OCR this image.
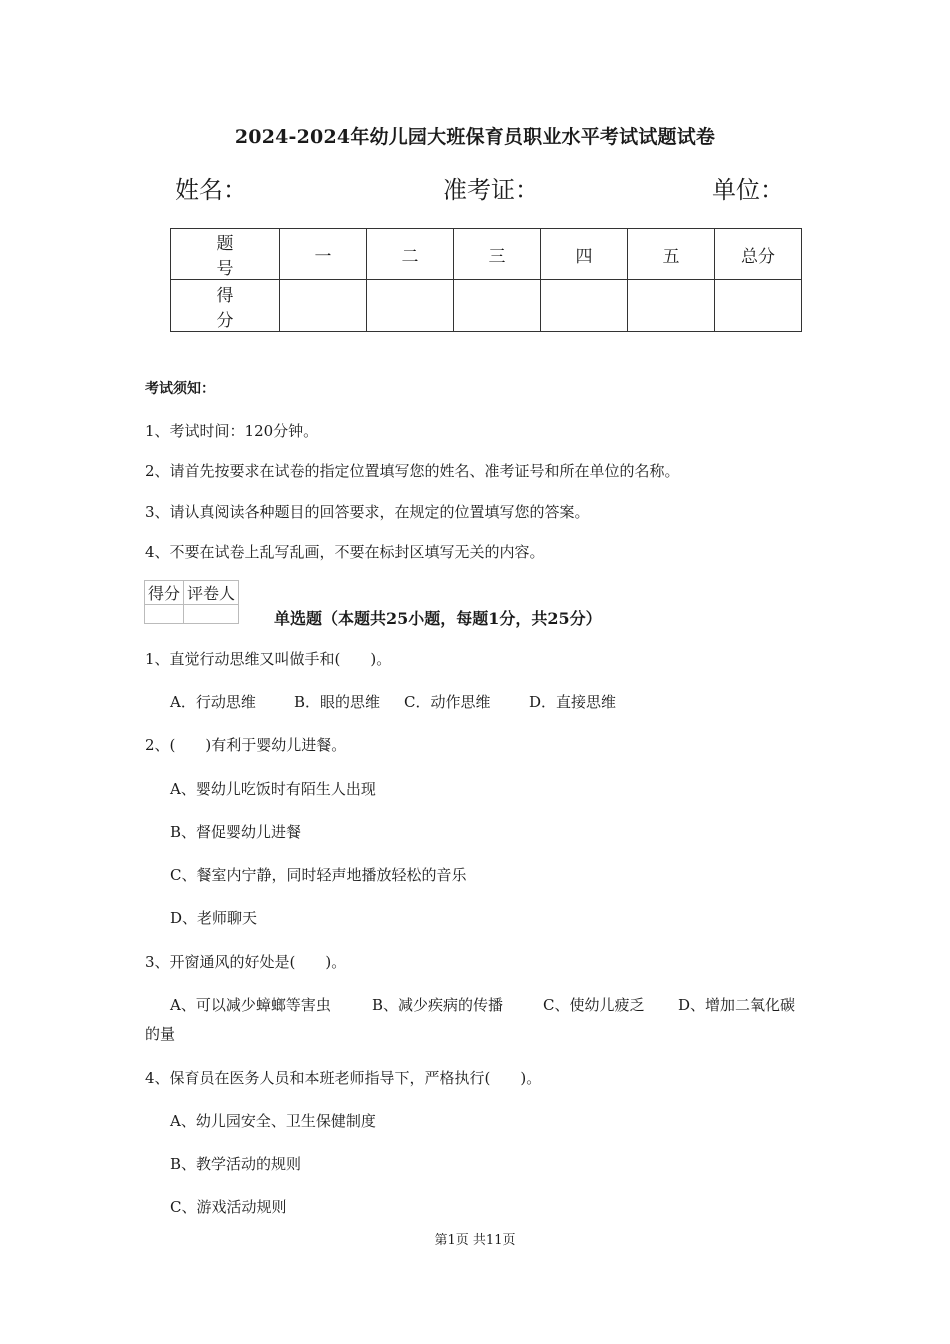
2024-2024年幼儿园大班保育员职业水平考试试题试卷
姓名：	准考证：	单位：
题 号	一	二	三	四	五	总分
得 分						
考试须知：
1、考试时间：120分钟。
2、请首先按要求在试卷的指定位置填写您的姓名、准考证号和所在单位的名称。
3、请认真阅读各种题目的回答要求，在规定的位置填写您的答案。
4、不要在试卷上乱写乱画，不要在标封区填写无关的内容。
得分	评卷人

单选题（本题共25小题，每题1分，共25分）
1、直觉行动思维又叫做手和(　　)。
A．行动思维	B．眼的思维 C．动作思维	D．直接思维
2、(　　)有利于婴幼儿进餐。
A、婴幼儿吃饭时有陌生人出现
B、督促婴幼儿进餐
C、餐室内宁静，同时轻声地播放轻松的音乐
D、老师聊天
3、开窗通风的好处是(　　)。
A、可以减少蟑螂等害虫	B、减少疾病的传播	C、使幼儿疲乏 D、增加二氧化碳
的量
4、保育员在医务人员和本班老师指导下，严格执行(　　)。
A、幼儿园安全、卫生保健制度
B、教学活动的规则
C、游戏活动规则
第1页 共11页
